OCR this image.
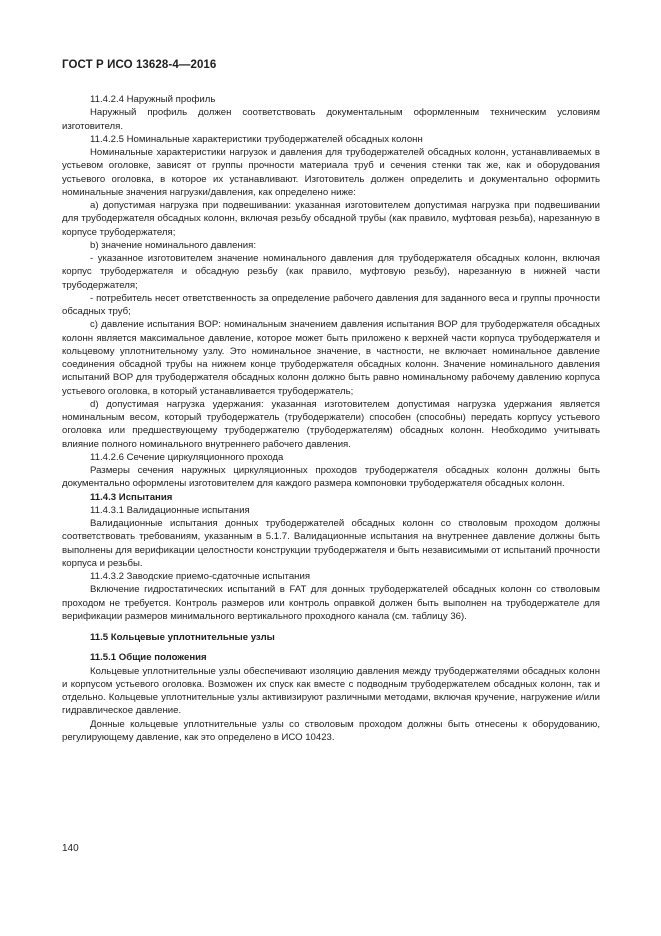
ГОСТ Р ИСО 13628-4—2016

11.4.2.4 Наружный профиль

Наружный профиль должен соответствовать документальным оформленным техническим условиям изготовителя.

11.4.2.5 Номинальные характеристики трубодержателей обсадных колонн

Номинальные характеристики нагрузок и давления для трубодержателей обсадных колонн, устанавливаемых в устьевом оголовке, зависят от группы прочности материала труб и сечения стенки так же, как и оборудования устьевого оголовка, в которое их устанавливают. Изготовитель должен определить и документально оформить номинальные значения нагрузки/давления, как определено ниже:

a) допустимая нагрузка при подвешивании: указанная изготовителем допустимая нагрузка при подвешивании для трубодержателя обсадных колонн, включая резьбу обсадной трубы (как правило, муфтовая резьба), нарезанную в корпусе трубодержателя;

b) значение номинального давления:

- указанное изготовителем значение номинального давления для трубодержателя обсадных колонн, включая корпус трубодержателя и обсадную резьбу (как правило, муфтовую резьбу), нарезанную в нижней части трубодержателя;

- потребитель несет ответственность за определение рабочего давления для заданного веса и группы прочности обсадных труб;

c) давление испытания BOP: номинальным значением давления испытания BOP для трубодержателя обсадных колонн является максимальное давление, которое может быть приложено к верхней части корпуса трубодержателя и кольцевому уплотнительному узлу. Это номинальное значение, в частности, не включает номинальное давление соединения обсадной трубы на нижнем конце трубодержателя обсадных колонн. Значение номинального давления испытаний BOP для трубодержателя обсадных колонн должно быть равно номинальному рабочему давлению корпуса устьевого оголовка, в который устанавливается трубодержатель;

d) допустимая нагрузка удержания: указанная изготовителем допустимая нагрузка удержания является номинальным весом, который трубодержатель (трубодержатели) способен (способны) передать корпусу устьевого оголовка или предшествующему трубодержателю (трубодержателям) обсадных колонн. Необходимо учитывать влияние полного номинального внутреннего рабочего давления.

11.4.2.6 Сечение циркуляционного прохода

Размеры сечения наружных циркуляционных проходов трубодержателя обсадных колонн должны быть документально оформлены изготовителем для каждого размера компоновки трубодержателя обсадных колонн.

11.4.3 Испытания

11.4.3.1 Валидационные испытания

Валидационные испытания донных трубодержателей обсадных колонн со стволовым проходом должны соответствовать требованиям, указанным в 5.1.7. Валидационные испытания на внутреннее давление должны быть выполнены для верификации целостности конструкции трубодержателя и быть независимыми от испытаний прочности корпуса и резьбы.

11.4.3.2 Заводские приемо-сдаточные испытания

Включение гидростатических испытаний в FAT для донных трубодержателей обсадных колонн со стволовым проходом не требуется. Контроль размеров или контроль оправкой должен быть выполнен на трубодержателе для верификации размеров минимального вертикального проходного канала (см. таблицу 36).

11.5 Кольцевые уплотнительные узлы

11.5.1 Общие положения

Кольцевые уплотнительные узлы обеспечивают изоляцию давления между трубодержателями обсадных колонн и корпусом устьевого оголовка. Возможен их спуск как вместе с подводным трубодержателем обсадных колонн, так и отдельно. Кольцевые уплотнительные узлы активизируют различными методами, включая кручение, нагружение и/или гидравлическое давление.

Донные кольцевые уплотнительные узлы со стволовым проходом должны быть отнесены к оборудованию, регулирующему давление, как это определено в ИСО 10423.

140
